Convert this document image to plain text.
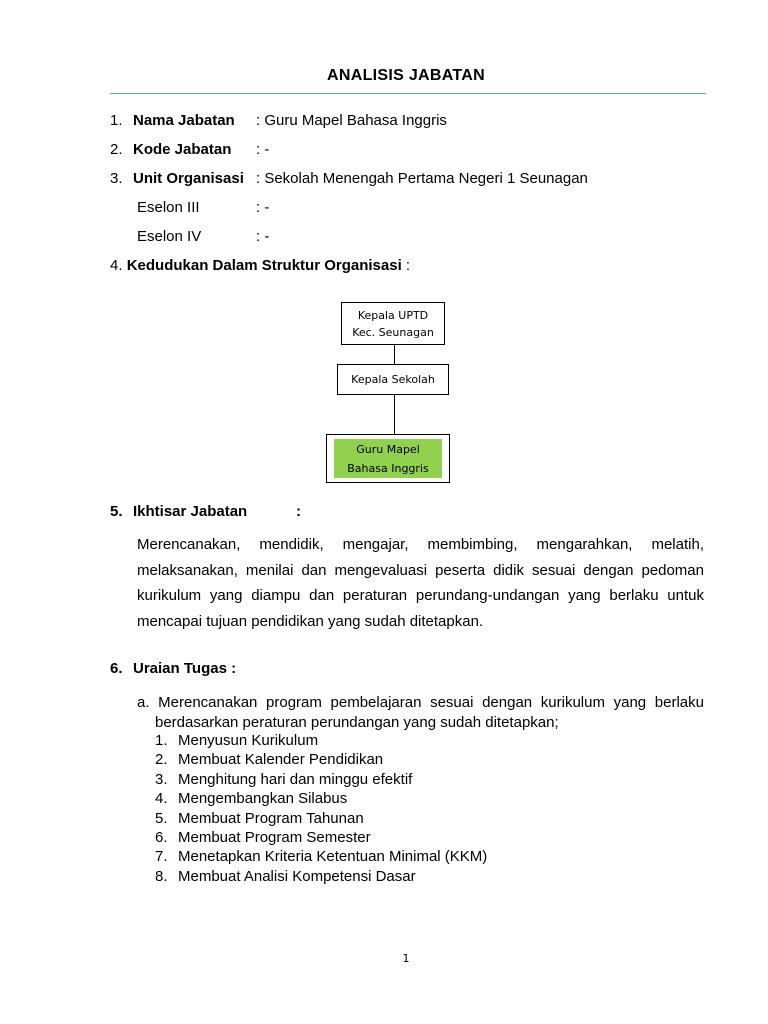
ANALISIS JABATAN
1. Nama Jabatan : Guru Mapel Bahasa Inggris
2. Kode Jabatan : -
3. Unit Organisasi : Sekolah Menengah Pertama Negeri 1 Seunagan
Eselon III	: -
Eselon IV	: -
4. Kedudukan Dalam Struktur Organisasi :
Kepala UPTD
Kec. Seunagan
Kepala Sekolah
Guru Mapel
Bahasa Inggris
5. Ikhtisar Jabatan	:
Merencanakan, mendidik, mengajar, membimbing, mengarahkan, melatih, melaksanakan, menilai dan mengevaluasi peserta didik sesuai dengan pedoman kurikulum yang diampu dan peraturan perundang-undangan yang berlaku untuk mencapai tujuan pendidikan yang sudah ditetapkan.
6. Uraian Tugas :
a. Merencanakan program pembelajaran sesuai dengan kurikulum yang berlaku berdasarkan peraturan perundangan yang sudah ditetapkan;
1. Menyusun Kurikulum
2. Membuat Kalender Pendidikan
3. Menghitung hari dan minggu efektif
4. Mengembangkan Silabus
5. Membuat Program Tahunan
6. Membuat Program Semester
7. Menetapkan Kriteria Ketentuan Minimal (KKM)
8. Membuat Analisi Kompetensi Dasar
1
